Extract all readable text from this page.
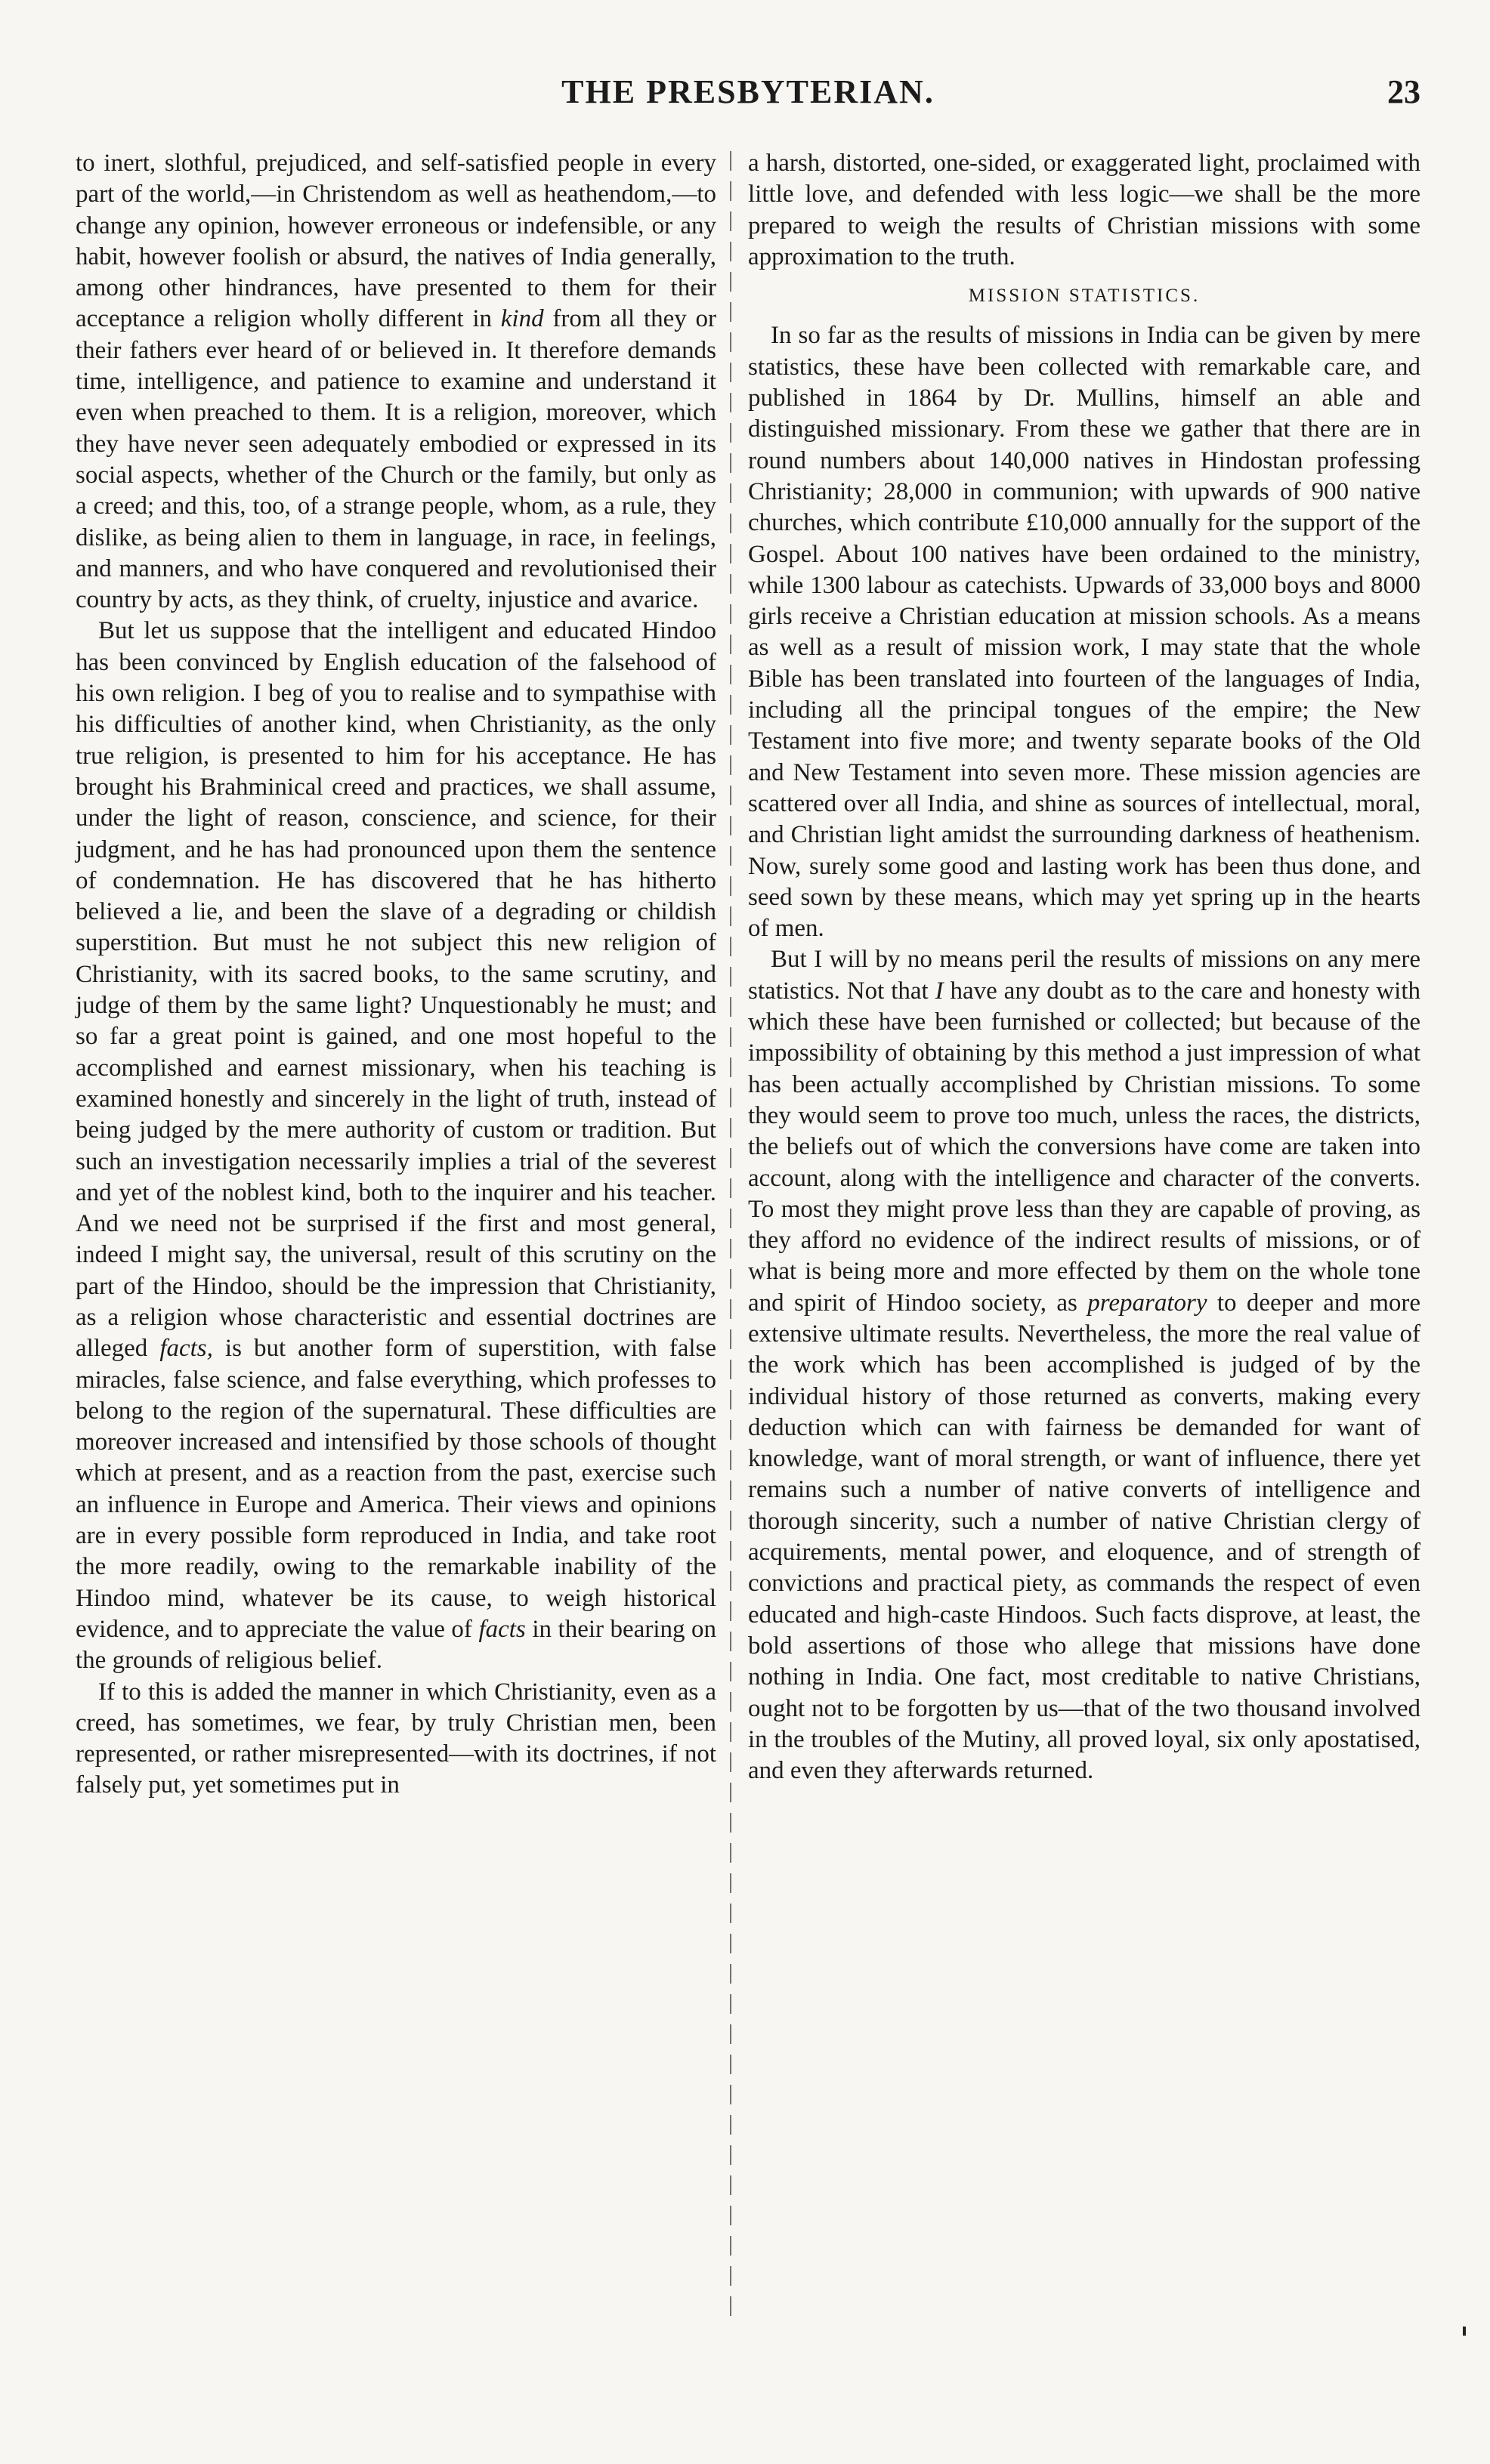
THE PRESBYTERIAN.	23

to inert, slothful, prejudiced, and self-satisfied people in every part of the world,—in Christendom as well as heathendom,—to change any opinion, however erroneous or indefensible, or any habit, however foolish or absurd, the natives of India generally, among other hindrances, have presented to them for their acceptance a religion wholly different in kind from all they or their fathers ever heard of or believed in. It therefore demands time, intelligence, and patience to examine and understand it even when preached to them. It is a religion, moreover, which they have never seen adequately embodied or expressed in its social aspects, whether of the Church or the family, but only as a creed; and this, too, of a strange people, whom, as a rule, they dislike, as being alien to them in language, in race, in feelings, and manners, and who have conquered and revolutionised their country by acts, as they think, of cruelty, injustice and avarice.

But let us suppose that the intelligent and educated Hindoo has been convinced by English education of the falsehood of his own religion. I beg of you to realise and to sympathise with his difficulties of another kind, when Christianity, as the only true religion, is presented to him for his acceptance. He has brought his Brahminical creed and practices, we shall assume, under the light of reason, conscience, and science, for their judgment, and he has had pronounced upon them the sentence of condemnation. He has discovered that he has hitherto believed a lie, and been the slave of a degrading or childish superstition. But must he not subject this new religion of Christianity, with its sacred books, to the same scrutiny, and judge of them by the same light? Unquestionably he must; and so far a great point is gained, and one most hopeful to the accomplished and earnest missionary, when his teaching is examined honestly and sincerely in the light of truth, instead of being judged by the mere authority of custom or tradition. But such an investigation necessarily implies a trial of the severest and yet of the noblest kind, both to the inquirer and his teacher. And we need not be surprised if the first and most general, indeed I might say, the universal, result of this scrutiny on the part of the Hindoo, should be the impression that Christianity, as a religion whose characteristic and essential doctrines are alleged facts, is but another form of superstition, with false miracles, false science, and false everything, which professes to belong to the region of the supernatural. These difficulties are moreover increased and intensified by those schools of thought which at present, and as a reaction from the past, exercise such an influence in Europe and America. Their views and opinions are in every possible form reproduced in India, and take root the more readily, owing to the remarkable inability of the Hindoo mind, whatever be its cause, to weigh historical evidence, and to appreciate the value of facts in their bearing on the grounds of religious belief.

If to this is added the manner in which Christianity, even as a creed, has sometimes, we fear, by truly Christian men, been represented, or rather misrepresented—with its doctrines, if not falsely put, yet sometimes put in

a harsh, distorted, one-sided, or exaggerated light, proclaimed with little love, and defended with less logic—we shall be the more prepared to weigh the results of Christian missions with some approximation to the truth.

MISSION STATISTICS.

In so far as the results of missions in India can be given by mere statistics, these have been collected with remarkable care, and published in 1864 by Dr. Mullins, himself an able and distinguished missionary. From these we gather that there are in round numbers about 140,000 natives in Hindostan professing Christianity; 28,000 in communion; with upwards of 900 native churches, which contribute £10,000 annually for the support of the Gospel. About 100 natives have been ordained to the ministry, while 1300 labour as catechists. Upwards of 33,000 boys and 8000 girls receive a Christian education at mission schools. As a means as well as a result of mission work, I may state that the whole Bible has been translated into fourteen of the languages of India, including all the principal tongues of the empire; the New Testament into five more; and twenty separate books of the Old and New Testament into seven more. These mission agencies are scattered over all India, and shine as sources of intellectual, moral, and Christian light amidst the surrounding darkness of heathenism. Now, surely some good and lasting work has been thus done, and seed sown by these means, which may yet spring up in the hearts of men.

But I will by no means peril the results of missions on any mere statistics. Not that I have any doubt as to the care and honesty with which these have been furnished or collected; but because of the impossibility of obtaining by this method a just impression of what has been actually accomplished by Christian missions. To some they would seem to prove too much, unless the races, the districts, the beliefs out of which the conversions have come are taken into account, along with the intelligence and character of the converts. To most they might prove less than they are capable of proving, as they afford no evidence of the indirect results of missions, or of what is being more and more effected by them on the whole tone and spirit of Hindoo society, as preparatory to deeper and more extensive ultimate results. Nevertheless, the more the real value of the work which has been accomplished is judged of by the individual history of those returned as converts, making every deduction which can with fairness be demanded for want of knowledge, want of moral strength, or want of influence, there yet remains such a number of native converts of intelligence and thorough sincerity, such a number of native Christian clergy of acquirements, mental power, and eloquence, and of strength of convictions and practical piety, as commands the respect of even educated and high-caste Hindoos. Such facts disprove, at least, the bold assertions of those who allege that missions have done nothing in India. One fact, most creditable to native Christians, ought not to be forgotten by us—that of the two thousand involved in the troubles of the Mutiny, all proved loyal, six only apostatised, and even they afterwards returned.
